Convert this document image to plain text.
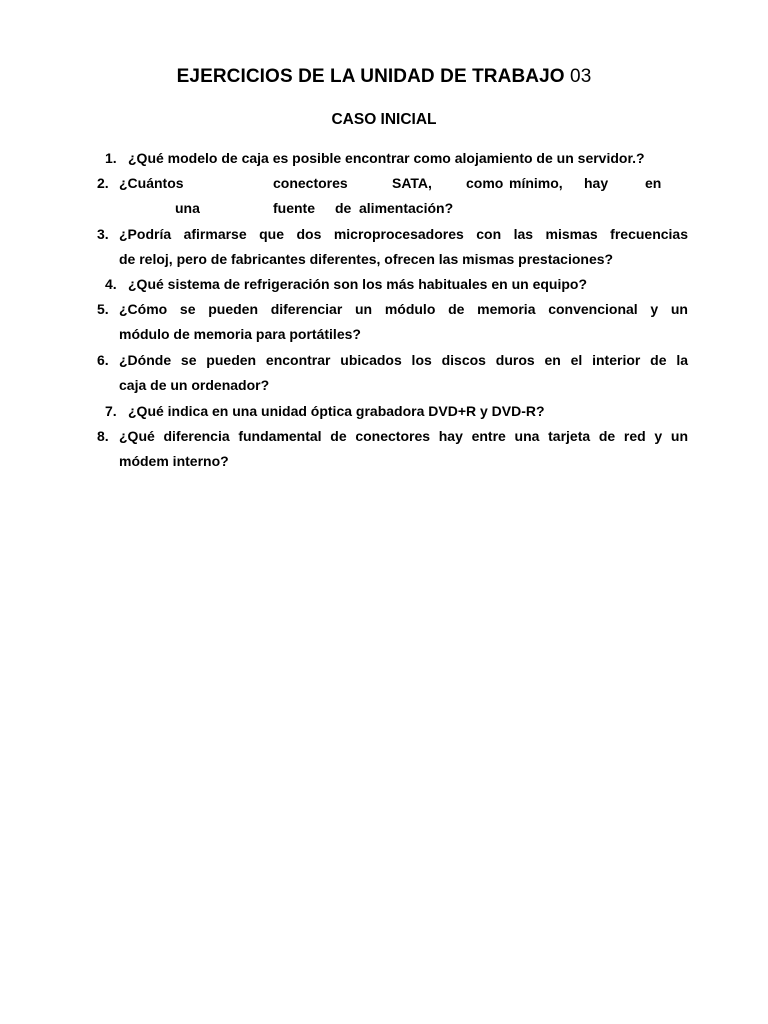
EJERCICIOS DE LA UNIDAD DE TRABAJO 03
CASO INICIAL
1. ¿Qué modelo de caja es posible encontrar como alojamiento de un servidor.?
2. ¿Cuántos	conectores	SATA, como mínimo, hay	en
una	fuente de alimentación?
3. ¿Podría afirmarse que dos microprocesadores con las mismas frecuencias
de reloj, pero de fabricantes diferentes, ofrecen las mismas prestaciones?
4. ¿Qué sistema de refrigeración son los más habituales en un equipo?
5. ¿Cómo se pueden diferenciar un módulo de memoria convencional y un
módulo de memoria para portátiles?
6. ¿Dónde se pueden encontrar ubicados los discos duros en el interior de la
caja de un ordenador?
7. ¿Qué indica en una unidad óptica grabadora DVD+R y DVD-R?
8. ¿Qué diferencia fundamental de conectores hay entre una tarjeta de red y un
módem interno?
